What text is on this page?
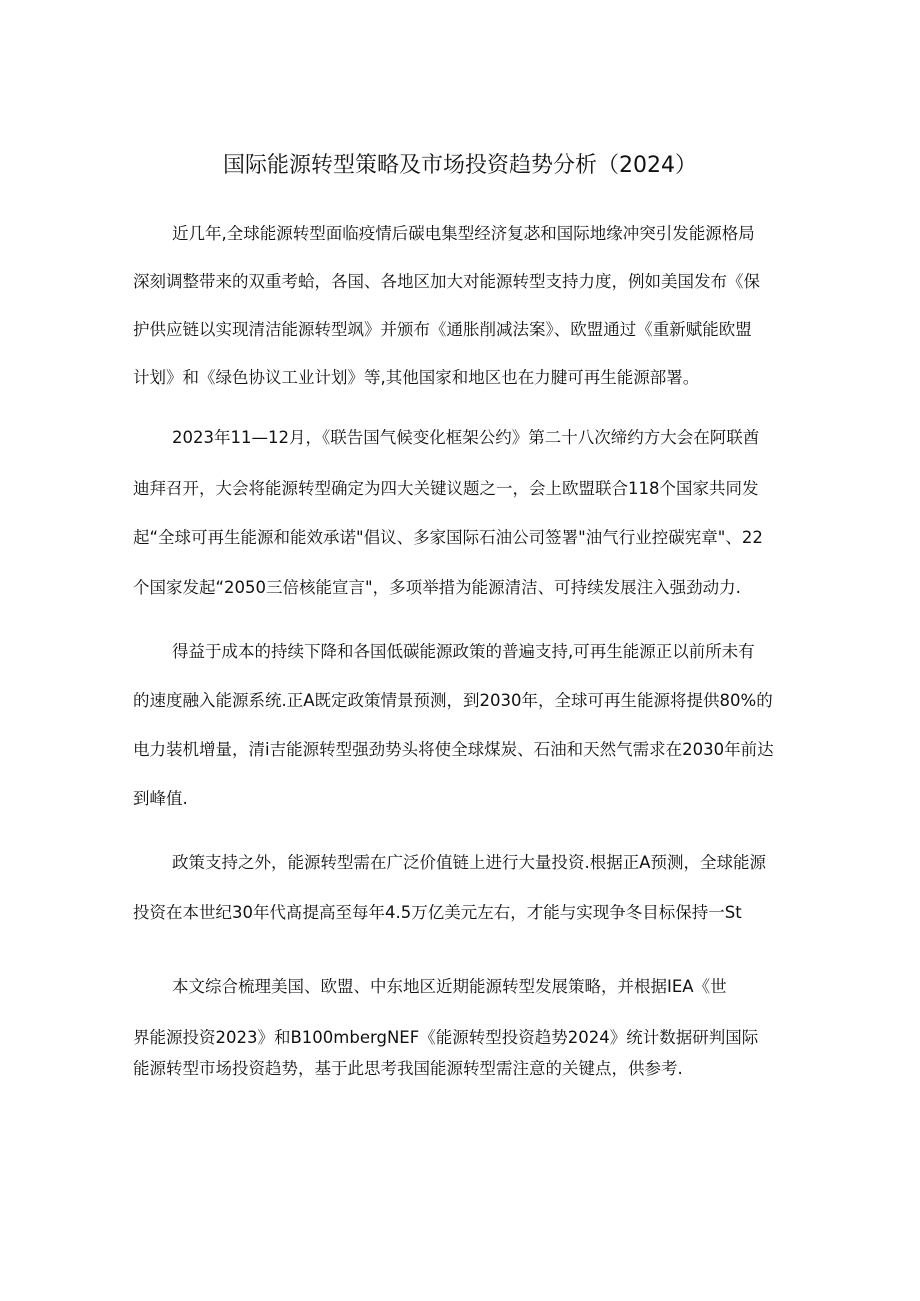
国际能源转型策略及市场投资趋势分析（2024）

近几年,全球能源转型面临疫情后碳电集型经济复苾和国际地缘冲突引发能源格局

深刻调整带来的双重考蛤，各国、各地区加大对能源转型支持力度，例如美国发布《保

护供应链以实现清洁能源转型飒》并颁布《通胀削减法案》、欧盟通过《重新赋能欧盟

计划》和《绿色协议工业计划》等,其他国家和地区也在力腱可再生能源部署。

2023年11—12月，《联告国气候变化框架公约》第二十八次缔约方大会在阿联酋

迪拜召开，大会将能源转型确定为四大关键议题之一，会上欧盟联合118个国家共同发

起“全球可再生能源和能效承诺"倡议、多家国际石油公司签署"油气行业控碳宪章"、22

个国家发起“2050三倍核能宣言"，多项举措为能源清洁、可持续发展注入强劲动力.

得益于成本的持续下降和各国低碳能源政策的普遍支持,可再生能源正以前所未有

的速度融入能源系统.正A既定政策情景预测，到2030年，全球可再生能源将提供80%的

电力装机增量，清i吉能源转型强劲势头将使全球煤炭、石油和天然气需求在2030年前达

到峰值.

政策支持之外，能源转型需在广泛价值链上进行大量投资.根据正A预测，全球能源

投资在本世纪30年代髙提高至每年4.5万亿美元左右，才能与实现争冬目标保持一St

本文综合梳理美国、欧盟、中东地区近期能源转型发展策略，并根据IEA《世

界能源投资2023》和B100mbergNEF《能源转型投资趋势2024》统计数据研判国际

能源转型市场投资趋势，基于此思考我国能源转型需注意的关键点，供参考.
